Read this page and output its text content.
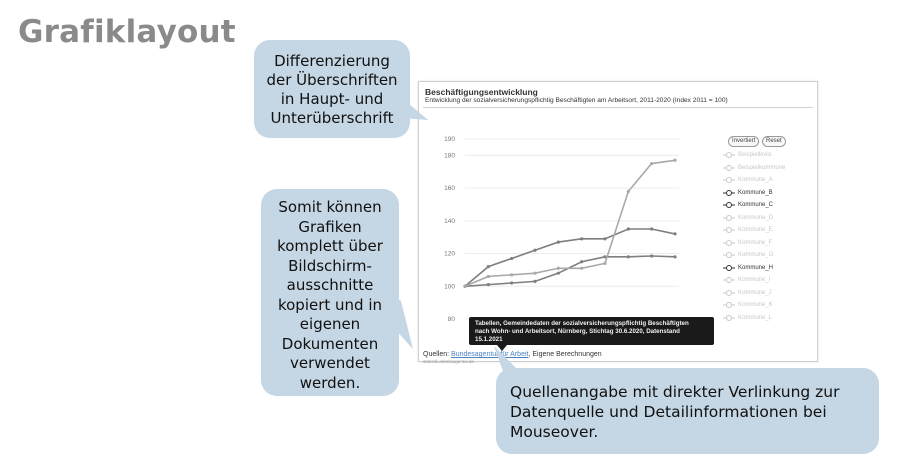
Grafiklayout
Differenzierung
der Überschriften
in Haupt- und
Unterüberschrift
Somit können
Grafiken
komplett über
Bildschirm-
ausschnitte
kopiert und in
eigenen
Dokumenten
verwendet
werden.
Beschäftigungsentwicklung
Entwicklung der sozialversicherungspflichtig Beschäftigten am Arbeitsort, 2011-2020 (Index 2011 = 100)
80
100
120
140
160
180
190	Invertiert	Reset
Beispielkreis
Beispielkommune
Kommune_A
Kommune_B
Kommune_C
Kommune_D
Kommune_E
Kommune_F
Kommune_G
Kommune_H
Kommune_I
Kommune_J
Kommune_K
Kommune_L
Tabellen, Gemeindedaten der sozialversicherungspflichtig Beschäftigten
nach Wohn- und Arbeitsort, Nürnberg, Stichtag 30.6.2020, Datenstand
15.1.2021
Quellen: Bundesagentur für Arbeit, Eigene Berechnungen
statistik.arbeitsagentur.de
Quellenangabe mit direkter Verlinkung zur
Datenquelle und Detailinformationen bei
Mouseover.
